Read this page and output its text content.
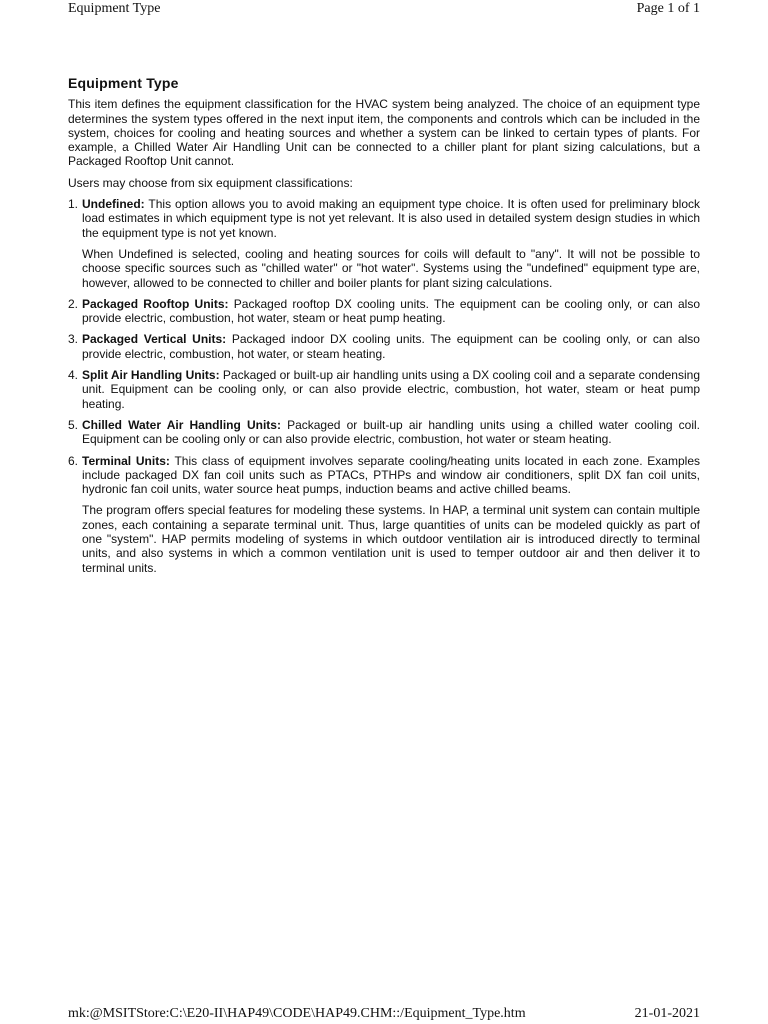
Equipment Type	Page 1 of 1
Equipment Type

This item defines the equipment classification for the HVAC system being analyzed. The choice of an equipment type determines the system types offered in the next input item, the components and controls which can be included in the system, choices for cooling and heating sources and whether a system can be linked to certain types of plants. For example, a Chilled Water Air Handling Unit can be connected to a chiller plant for plant sizing calculations, but a Packaged Rooftop Unit cannot.

Users may choose from six equipment classifications:

1. Undefined: This option allows you to avoid making an equipment type choice. It is often used for preliminary block load estimates in which equipment type is not yet relevant. It is also used in detailed system design studies in which the equipment type is not yet known.

When Undefined is selected, cooling and heating sources for coils will default to "any". It will not be possible to choose specific sources such as "chilled water" or "hot water". Systems using the "undefined" equipment type are, however, allowed to be connected to chiller and boiler plants for plant sizing calculations.

2. Packaged Rooftop Units: Packaged rooftop DX cooling units. The equipment can be cooling only, or can also provide electric, combustion, hot water, steam or heat pump heating.

3. Packaged Vertical Units: Packaged indoor DX cooling units. The equipment can be cooling only, or can also provide electric, combustion, hot water, or steam heating.

4. Split Air Handling Units: Packaged or built-up air handling units using a DX cooling coil and a separate condensing unit. Equipment can be cooling only, or can also provide electric, combustion, hot water, steam or heat pump heating.

5. Chilled Water Air Handling Units: Packaged or built-up air handling units using a chilled water cooling coil. Equipment can be cooling only or can also provide electric, combustion, hot water or steam heating.

6. Terminal Units: This class of equipment involves separate cooling/heating units located in each zone. Examples include packaged DX fan coil units such as PTACs, PTHPs and window air conditioners, split DX fan coil units, hydronic fan coil units, water source heat pumps, induction beams and active chilled beams.

The program offers special features for modeling these systems. In HAP, a terminal unit system can contain multiple zones, each containing a separate terminal unit. Thus, large quantities of units can be modeled quickly as part of one "system". HAP permits modeling of systems in which outdoor ventilation air is introduced directly to terminal units, and also systems in which a common ventilation unit is used to temper outdoor air and then deliver it to terminal units.

mk:@MSITStore:C:\E20-II\HAP49\CODE\HAP49.CHM::/Equipment_Type.htm	21-01-2021
